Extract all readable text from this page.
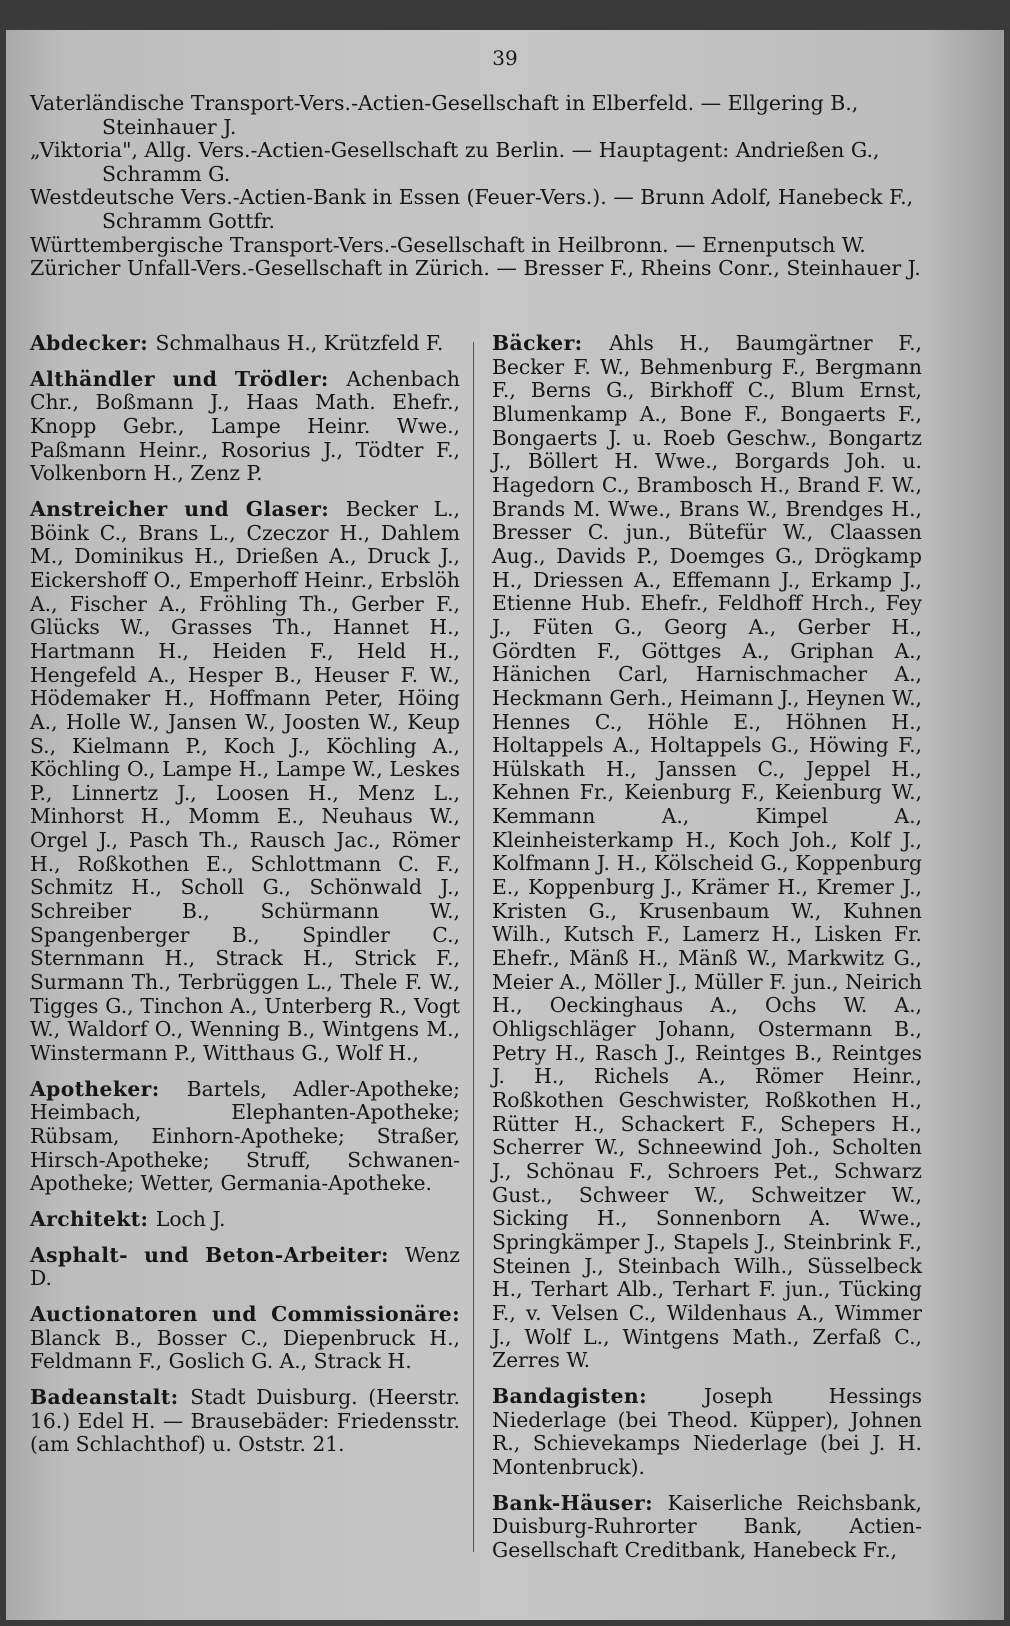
39
Vaterländische Transport-Vers.-Actien-Gesellschaft in Elberfeld. — Ellgering B., Steinhauer J.
„Viktoria", Allg. Vers.-Actien-Gesellschaft zu Berlin. — Hauptagent: Andrießen G., Schramm G.
Westdeutsche Vers.-Actien-Bank in Essen (Feuer-Vers.). — Brunn Adolf, Hanebeck F., Schramm Gottfr.
Württembergische Transport-Vers.-Gesellschaft in Heilbronn. — Ernenputsch W.
Züricher Unfall-Vers.-Gesellschaft in Zürich. — Bresser F., Rheins Conr., Steinhauer J.
Abdecker: Schmalhaus H., Krützfeld F.
Althändler und Trödler: Achenbach Chr., Boßmann J., Haas Math. Ehefr., Knopp Gebr., Lampe Heinr. Wwe., Paßmann Heinr., Rosorius J., Tödter F., Volkenborn H., Zenz P.
Anstreicher und Glaser: Becker L., Böink C., Brans L., Czeczor H., Dahlem M., Dominikus H., Drießen A., Druck J., Eickershoff O., Emperhoff Heinr., Erbslöh A., Fischer A., Fröhling Th., Gerber F., Glücks W., Grasses Th., Hannet H., Hartmann H., Heiden F., Held H., Hengefeld A., Hesper B., Heuser F. W., Hödemaker H., Hoffmann Peter, Höing A., Holle W., Jansen W., Joosten W., Keup S., Kielmann P., Koch J., Köchling A., Köchling O., Lampe H., Lampe W., Leskes P., Linnertz J., Loosen H., Menz L., Minhorst H., Momm E., Neuhaus W., Orgel J., Pasch Th., Rausch Jac., Römer H., Roßkothen E., Schlottmann C. F., Schmitz H., Scholl G., Schönwald J., Schreiber B., Schürmann W., Spangenberger B., Spindler C., Sternmann H., Strack H., Strick F., Surmann Th., Terbrüggen L., Thele F. W., Tigges G., Tinchon A., Unterberg R., Vogt W., Waldorf O., Wenning B., Wintgens M., Winstermann P., Witthaus G., Wolf H.,
Apotheker: Bartels, Adler-Apotheke; Heimbach, Elephanten-Apotheke; Rübsam, Einhorn-Apotheke; Straßer, Hirsch-Apotheke; Struff, Schwanen-Apotheke; Wetter, Germania-Apotheke.
Architekt: Loch J.
Asphalt- und Beton-Arbeiter: Wenz D.
Auctionatoren und Commissionäre: Blanck B., Bosser C., Diepenbruck H., Feldmann F., Goslich G. A., Strack H.
Badeanstalt: Stadt Duisburg. (Heerstr. 16.) Edel H. — Brausebäder: Friedensstr. (am Schlachthof) u. Oststr. 21.
Bäcker: Ahls H., Baumgärtner F., Becker F. W., Behmenburg F., Bergmann F., Berns G., Birkhoff C., Blum Ernst, Blumenkamp A., Bone F., Bongaerts F., Bongaerts J. u. Roeb Geschw., Bongartz J., Böllert H. Wwe., Borgards Joh. u. Hagedorn C., Brambosch H., Brand F. W., Brands M. Wwe., Brans W., Brendges H., Bresser C. jun., Bütefür W., Claassen Aug., Davids P., Doemges G., Drögkamp H., Driessen A., Effemann J., Erkamp J., Etienne Hub. Ehefr., Feldhoff Hrch., Fey J., Füten G., Georg A., Gerber H., Gördten F., Göttges A., Griphan A., Hänichen Carl, Harnischmacher A., Heckmann Gerh., Heimann J., Heynen W., Hennes C., Höhle E., Höhnen H., Holtappels A., Holtappels G., Höwing F., Hülskath H., Janssen C., Jeppel H., Kehnen Fr., Keienburg F., Keienburg W., Kemmann A., Kimpel A., Kleinheisterkamp H., Koch Joh., Kolf J., Kolfmann J. H., Kölscheid G., Koppenburg E., Koppenburg J., Krämer H., Kremer J., Kristen G., Krusenbaum W., Kuhnen Wilh., Kutsch F., Lamerz H., Lisken Fr. Ehefr., Mänß H., Mänß W., Markwitz G., Meier A., Möller J., Müller F. jun., Neirich H., Oeckinghaus A., Ochs W. A., Ohligschläger Johann, Ostermann B., Petry H., Rasch J., Reintges B., Reintges J. H., Richels A., Römer Heinr., Roßkothen Geschwister, Roßkothen H., Rütter H., Schackert F., Schepers H., Scherrer W., Schneewind Joh., Scholten J., Schönau F., Schroers Pet., Schwarz Gust., Schweer W., Schweitzer W., Sicking H., Sonnenborn A. Wwe., Springkämper J., Stapels J., Steinbrink F., Steinen J., Steinbach Wilh., Süsselbeck H., Terhart Alb., Terhart F. jun., Tücking F., v. Velsen C., Wildenhaus A., Wimmer J., Wolf L., Wintgens Math., Zerfaß C., Zerres W.
Bandagisten: Joseph Hessings Niederlage (bei Theod. Küpper), Johnen R., Schievekamps Niederlage (bei J. H. Montenbruck).
Bank-Häuser: Kaiserliche Reichsbank, Duisburg-Ruhrorter Bank, Actien-Gesellschaft Creditbank, Hanebeck Fr.,
